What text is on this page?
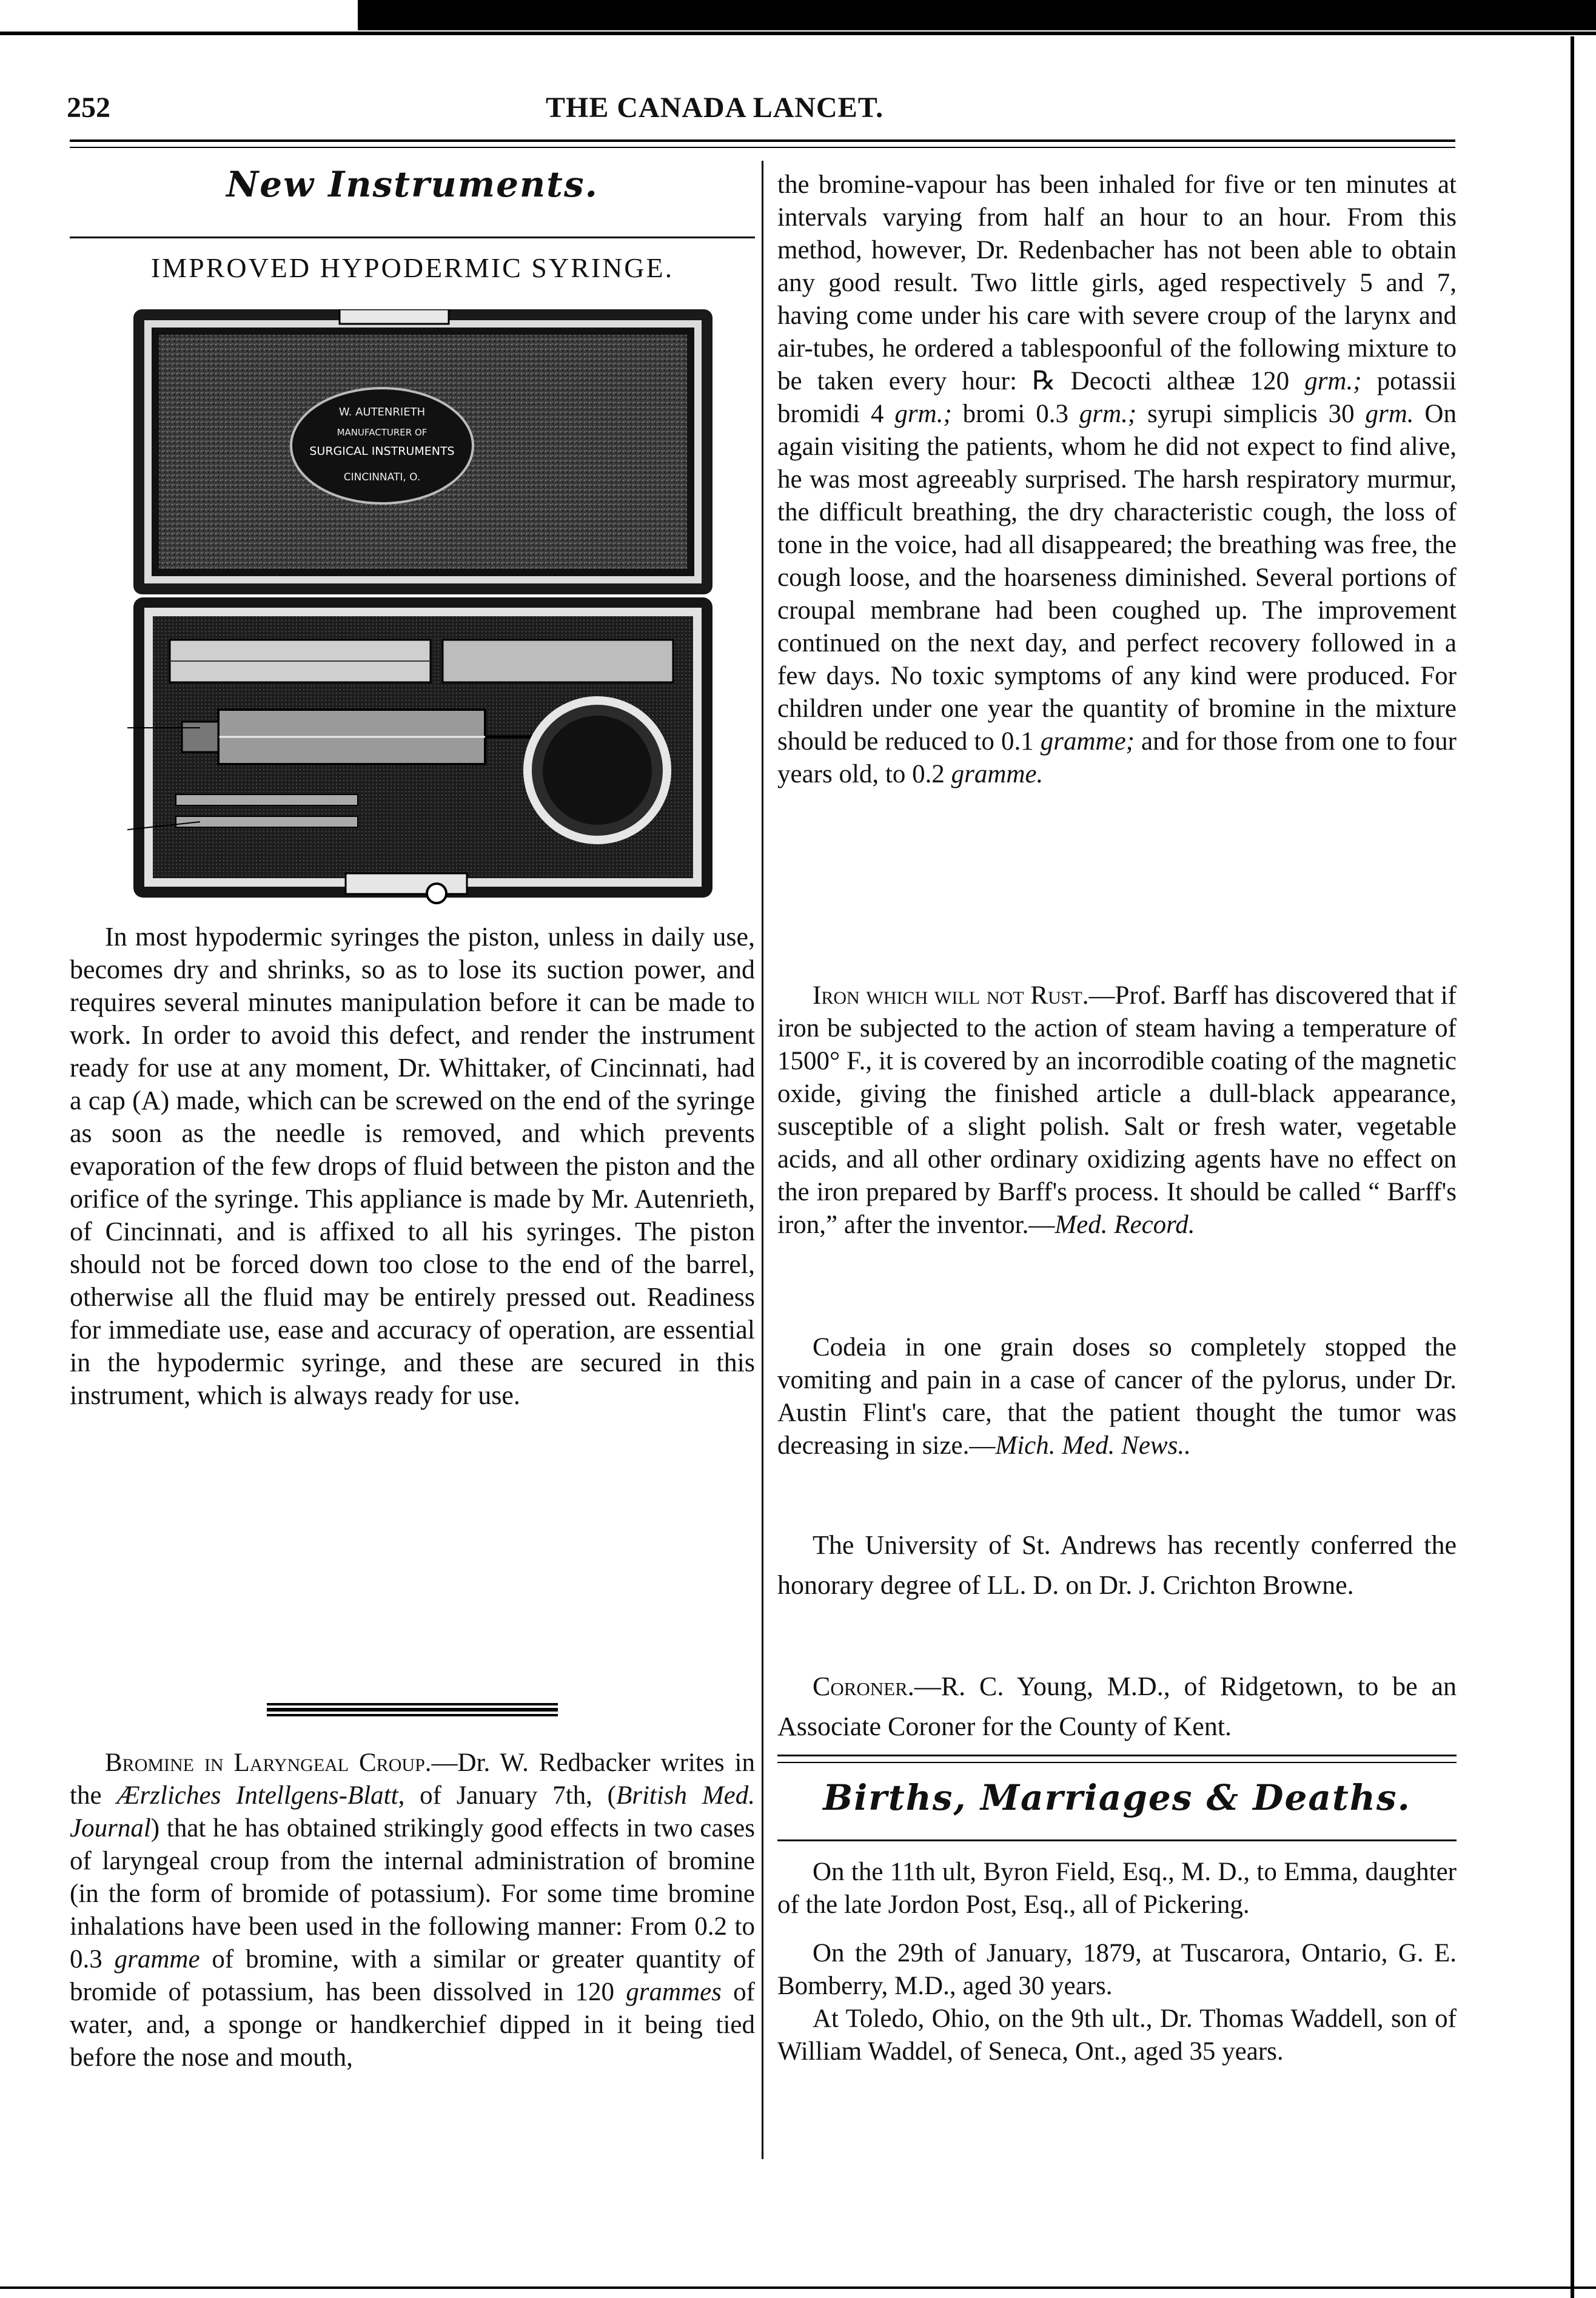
252	THE CANADA LANCET.
New Instruments.
IMPROVED HYPODERMIC SYRINGE.
W. AUTENRIETH
MANUFACTURER OF
SURGICAL INSTRUMENTS
CINCINNATI, O.

In most hypodermic syringes the piston, unless in daily use, becomes dry and shrinks, so as to lose its suction power, and requires several minutes manipulation before it can be made to work. In order to avoid this defect, and render the instrument ready for use at any moment, Dr. Whittaker, of Cincinnati, had a cap (A) made, which can be screwed on the end of the syringe as soon as the needle is removed, and which prevents evaporation of the few drops of fluid between the piston and the orifice of the syringe. This appliance is made by Mr. Autenrieth, of Cincinnati, and is affixed to all his syringes. The piston should not be forced down too close to the end of the barrel, otherwise all the fluid may be entirely pressed out. Readiness for immediate use, ease and accuracy of operation, are essential in the hypodermic syringe, and these are secured in this instrument, which is always ready for use.

Bromine in Laryngeal Croup.—Dr. W. Redbacker writes in the Ærzliches Intellgens-Blatt, of January 7th, (British Med. Journal) that he has obtained strikingly good effects in two cases of laryngeal croup from the internal administration of bromine (in the form of bromide of potassium). For some time bromine inhalations have been used in the following manner: From 0.2 to 0.3 gramme of bromine, with a similar or greater quantity of bromide of potassium, has been dissolved in 120 grammes of water, and, a sponge or handkerchief dipped in it being tied before the nose and mouth,

the bromine-vapour has been inhaled for five or ten minutes at intervals varying from half an hour to an hour. From this method, however, Dr. Redenbacher has not been able to obtain any good result. Two little girls, aged respectively 5 and 7, having come under his care with severe croup of the larynx and air-tubes, he ordered a tablespoonful of the following mixture to be taken every hour: ℞ Decocti altheæ 120 grm.; potassii bromidi 4 grm.; bromi 0.3 grm.; syrupi simplicis 30 grm. On again visiting the patients, whom he did not expect to find alive, he was most agreeably surprised. The harsh respiratory murmur, the difficult breathing, the dry characteristic cough, the loss of tone in the voice, had all disappeared; the breathing was free, the cough loose, and the hoarseness diminished. Several portions of croupal membrane had been coughed up. The improvement continued on the next day, and perfect recovery followed in a few days. No toxic symptoms of any kind were produced. For children under one year the quantity of bromine in the mixture should be reduced to 0.1 gramme; and for those from one to four years old, to 0.2 gramme.

Iron which will not Rust.—Prof. Barff has discovered that if iron be subjected to the action of steam having a temperature of 1500° F., it is covered by an incorrodible coating of the magnetic oxide, giving the finished article a dull-black appearance, susceptible of a slight polish. Salt or fresh water, vegetable acids, and all other ordinary oxidizing agents have no effect on the iron prepared by Barff's process. It should be called “ Barff's iron,” after the inventor.—Med. Record.

Codeia in one grain doses so completely stopped the vomiting and pain in a case of cancer of the pylorus, under Dr. Austin Flint's care, that the patient thought the tumor was decreasing in size.—Mich. Med. News..

The University of St. Andrews has recently conferred the honorary degree of LL. D. on Dr. J. Crichton Browne.

Coroner.—R. C. Young, M.D., of Ridgetown, to be an Associate Coroner for the County of Kent.

Births, Marriages & Deaths.

On the 11th ult, Byron Field, Esq., M. D., to Emma, daughter of the late Jordon Post, Esq., all of Pickering.

On the 29th of January, 1879, at Tuscarora, Ontario, G. E. Bomberry, M.D., aged 30 years.

At Toledo, Ohio, on the 9th ult., Dr. Thomas Waddell, son of William Waddel, of Seneca, Ont., aged 35 years.
